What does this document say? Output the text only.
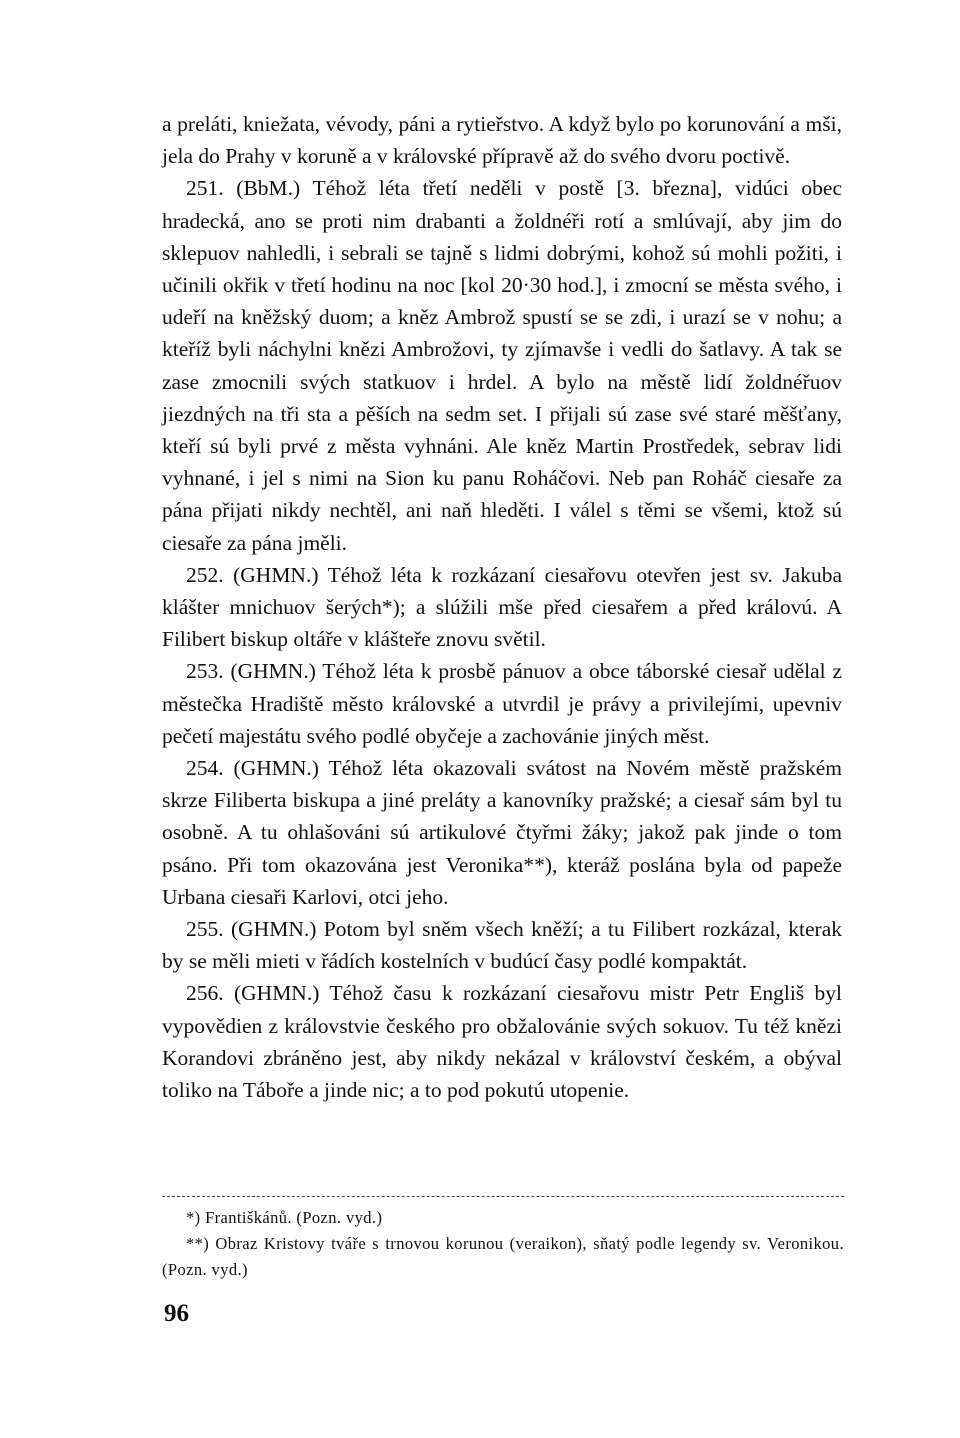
a preláti, kniežata, vévody, páni a rytieřstvo. A když bylo po korunování a mši, jela do Prahy v koruně a v královské přípravě až do svého dvoru poctivě.

251. (BbM.) Téhož léta třetí neděli v postě [3. března], vidúci obec hradecká, ano se proti nim drabanti a žoldnéři rotí a smlúvají, aby jim do sklepuov nahledli, i sebrali se tajně s lidmi dobrými, kohož sú mohli požiti, i učinili okřik v třetí hodinu na noc [kol 20·30 hod.], i zmocní se města svého, i udeří na kněžský duom; a kněz Ambrož spustí se se zdi, i urazí se v nohu; a kteříž byli náchylni knězi Ambrožovi, ty zjímavše i vedli do šatlavy. A tak se zase zmocnili svých statkuov i hrdel. A bylo na městě lidí žoldnéřuov jiezdných na tři sta a pěších na sedm set. I přijali sú zase své staré měšťany, kteří sú byli prvé z města vyhnáni. Ale kněz Martin Prostředek, sebrav lidi vyhnané, i jel s nimi na Sion ku panu Roháčovi. Neb pan Roháč ciesaře za pána přijati nikdy nechtěl, ani naň hleděti. I válel s těmi se všemi, ktož sú ciesaře za pána jměli.

252. (GHMN.) Téhož léta k rozkázaní ciesařovu otevřen jest sv. Jakuba klášter mnichuov šerých*); a slúžili mše před ciesařem a před královú. A Filibert biskup oltáře v klášteře znovu světil.

253. (GHMN.) Téhož léta k prosbě pánuov a obce táborské ciesař udělal z městečka Hradiště město královské a utvrdil je právy a privilejími, upevniv pečetí majestátu svého podlé obyčeje a zachovánie jiných měst.

254. (GHMN.) Téhož léta okazovali svátost na Novém městě pražském skrze Filiberta biskupa a jiné preláty a kanovníky pražské; a ciesař sám byl tu osobně. A tu ohlašováni sú artikulové čtyřmi žáky; jakož pak jinde o tom psáno. Při tom okazována jest Veronika**), kteráž poslána byla od papeže Urbana ciesaři Karlovi, otci jeho.

255. (GHMN.) Potom byl sněm všech kněží; a tu Filibert rozkázal, kterak by se měli mieti v řádích kostelních v budúcí časy podlé kompaktát.

256. (GHMN.) Téhož času k rozkázaní ciesařovu mistr Petr Engliš byl vypovědien z královstvie českého pro obžalovánie svých sokuov. Tu též knězi Korandovi zbráněno jest, aby nikdy nekázal v království českém, a obýval toliko na Táboře a jinde nic; a to pod pokutú utopenie.

*) Františkánů. (Pozn. vyd.)

**) Obraz Kristovy tváře s trnovou korunou (veraikon), sňatý podle legendy sv. Veronikou. (Pozn. vyd.)

96
